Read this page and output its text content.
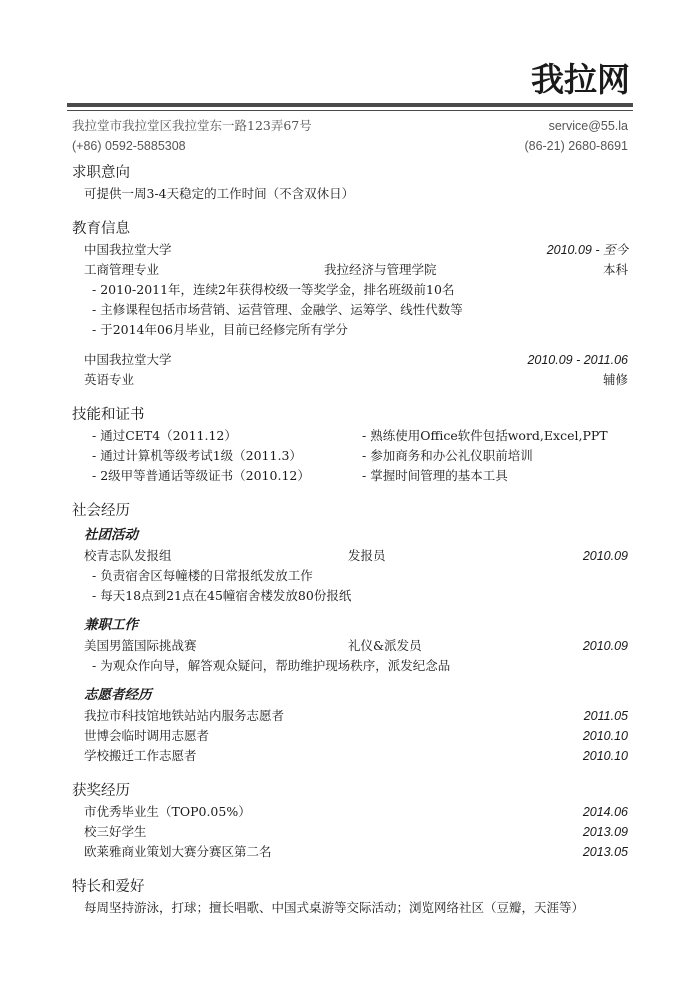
我拉网
我拉堂市我拉堂区我拉堂东一路123弄67号	service@55.la
(+86) 0592-5885308	(86-21) 2680-8691
求职意向
可提供一周3-4天稳定的工作时间（不含双休日）
教育信息
中国我拉堂大学	2010.09 - 至今
工商管理专业	我拉经济与管理学院	本科
- 2010-2011年，连续2年获得校级一等奖学金，排名班级前10名
- 主修课程包括市场营销、运营管理、金融学、运筹学、线性代数等
- 于2014年06月毕业，目前已经修完所有学分
中国我拉堂大学	2010.09 - 2011.06
英语专业	辅修
技能和证书
- 通过CET4（2011.12）	- 熟练使用Office软件包括word,Excel,PPT
- 通过计算机等级考试1级（2011.3）	- 参加商务和办公礼仪职前培训
- 2级甲等普通话等级证书（2010.12）	- 掌握时间管理的基本工具
社会经历
社团活动
校青志队发报组	发报员	2010.09
- 负责宿舍区每幢楼的日常报纸发放工作
- 每天18点到21点在45幢宿舍楼发放80份报纸
兼职工作
美国男篮国际挑战赛	礼仪&派发员	2010.09
- 为观众作向导，解答观众疑问，帮助维护现场秩序，派发纪念品
志愿者经历
我拉市科技馆地铁站站内服务志愿者	2011.05
世博会临时调用志愿者	2010.10
学校搬迁工作志愿者	2010.10
获奖经历
市优秀毕业生（TOP0.05%）	2014.06
校三好学生	2013.09
欧莱雅商业策划大赛分赛区第二名	2013.05
特长和爱好
每周坚持游泳，打球；擅长唱歌、中国式桌游等交际活动；浏览网络社区（豆瓣，天涯等）
